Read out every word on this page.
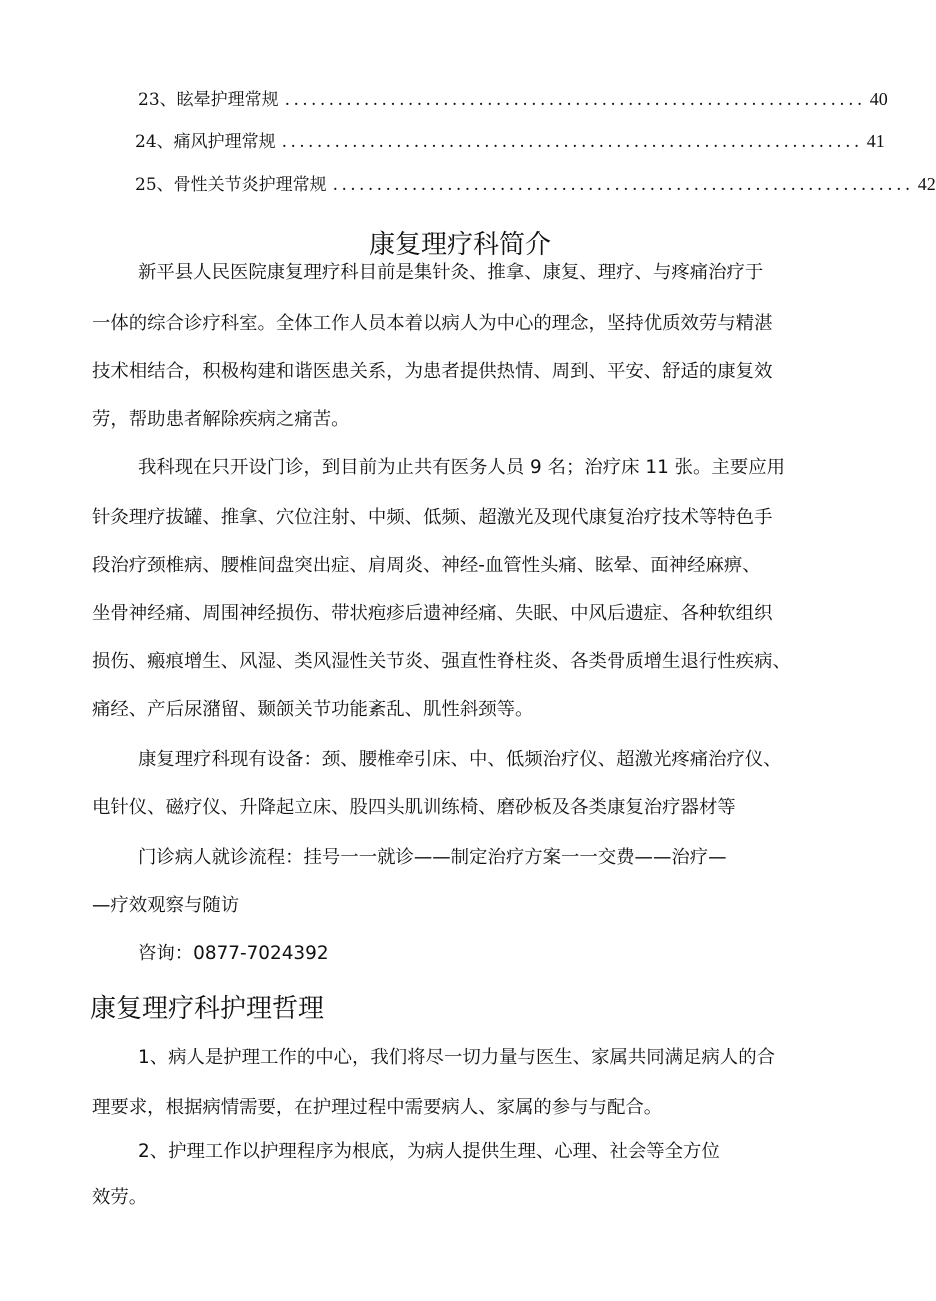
23、眩晕护理常规 .................................................................. 40
24、痛风护理常规 .................................................................. 41
25、骨性关节炎护理常规 .................................................................. 42
康复理疗科简介
新平县人民医院康复理疗科目前是集针灸、推拿、康复、理疗、与疼痛治疗于
一体的综合诊疗科室。全体工作人员本着以病人为中心的理念，坚持优质效劳与精湛
技术相结合，积极构建和谐医患关系，为患者提供热情、周到、平安、舒适的康复效
劳，帮助患者解除疾病之痛苦。
我科现在只开设门诊，到目前为止共有医务人员 9 名；治疗床 11 张。主要应用
针灸理疗拔罐、推拿、穴位注射、中频、低频、超激光及现代康复治疗技术等特色手
段治疗颈椎病、腰椎间盘突出症、肩周炎、神经-血管性头痛、眩晕、面神经麻痹、
坐骨神经痛、周围神经损伤、带状疱疹后遗神经痛、失眠、中风后遗症、各种软组织
损伤、瘢痕增生、风湿、类风湿性关节炎、强直性脊柱炎、各类骨质增生退行性疾病、
痛经、产后尿潴留、颞颌关节功能紊乱、肌性斜颈等。
康复理疗科现有设备：颈、腰椎牵引床、中、低频治疗仪、超激光疼痛治疗仪、
电针仪、磁疗仪、升降起立床、股四头肌训练椅、磨砂板及各类康复治疗器材等
门诊病人就诊流程：挂号一一就诊——制定治疗方案一一交费——治疗—
—疗效观察与随访
咨询：0877-7024392
康复理疗科护理哲理
1、病人是护理工作的中心，我们将尽一切力量与医生、家属共同满足病人的合
理要求，根据病情需要，在护理过程中需要病人、家属的参与与配合。
2、护理工作以护理程序为根底，为病人提供生理、心理、社会等全方位
效劳。
